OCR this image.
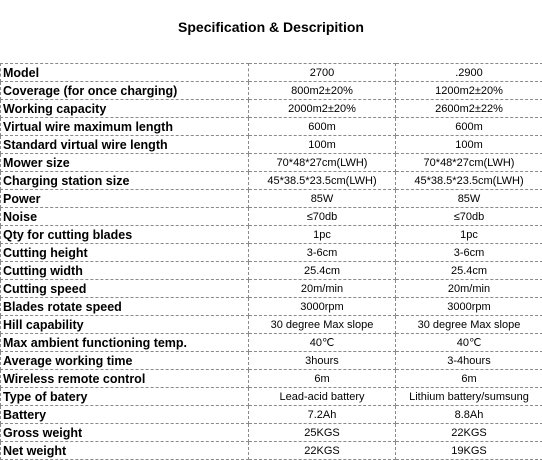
Specification & Descripition
Model	2700	.2900
Coverage (for once charging)	800m2±20%	1200m2±20%
Working capacity	2000m2±20%	2600m2±22%
Virtual wire maximum length	600m	600m
Standard virtual wire length	100m	100m
Mower size	70*48*27cm(LWH)	70*48*27cm(LWH)
Charging station size	45*38.5*23.5cm(LWH)	45*38.5*23.5cm(LWH)
Power	85W	85W
Noise	≤70db	≤70db
Qty for cutting blades	1pc	1pc
Cutting height	3-6cm	3-6cm
Cutting width	25.4cm	25.4cm
Cutting speed	20m/min	20m/min
Blades rotate speed	3000rpm	3000rpm
Hill capability	30 degree Max slope	30 degree Max slope
Max ambient functioning temp.	40℃	40℃
Average working time	3hours	3-4hours
Wireless remote control	6m	6m
Type of batery	Lead-acid battery	Lithium battery/sumsung
Battery	7.2Ah	8.8Ah
Gross weight	25KGS	22KGS
Net weight	22KGS	19KGS
